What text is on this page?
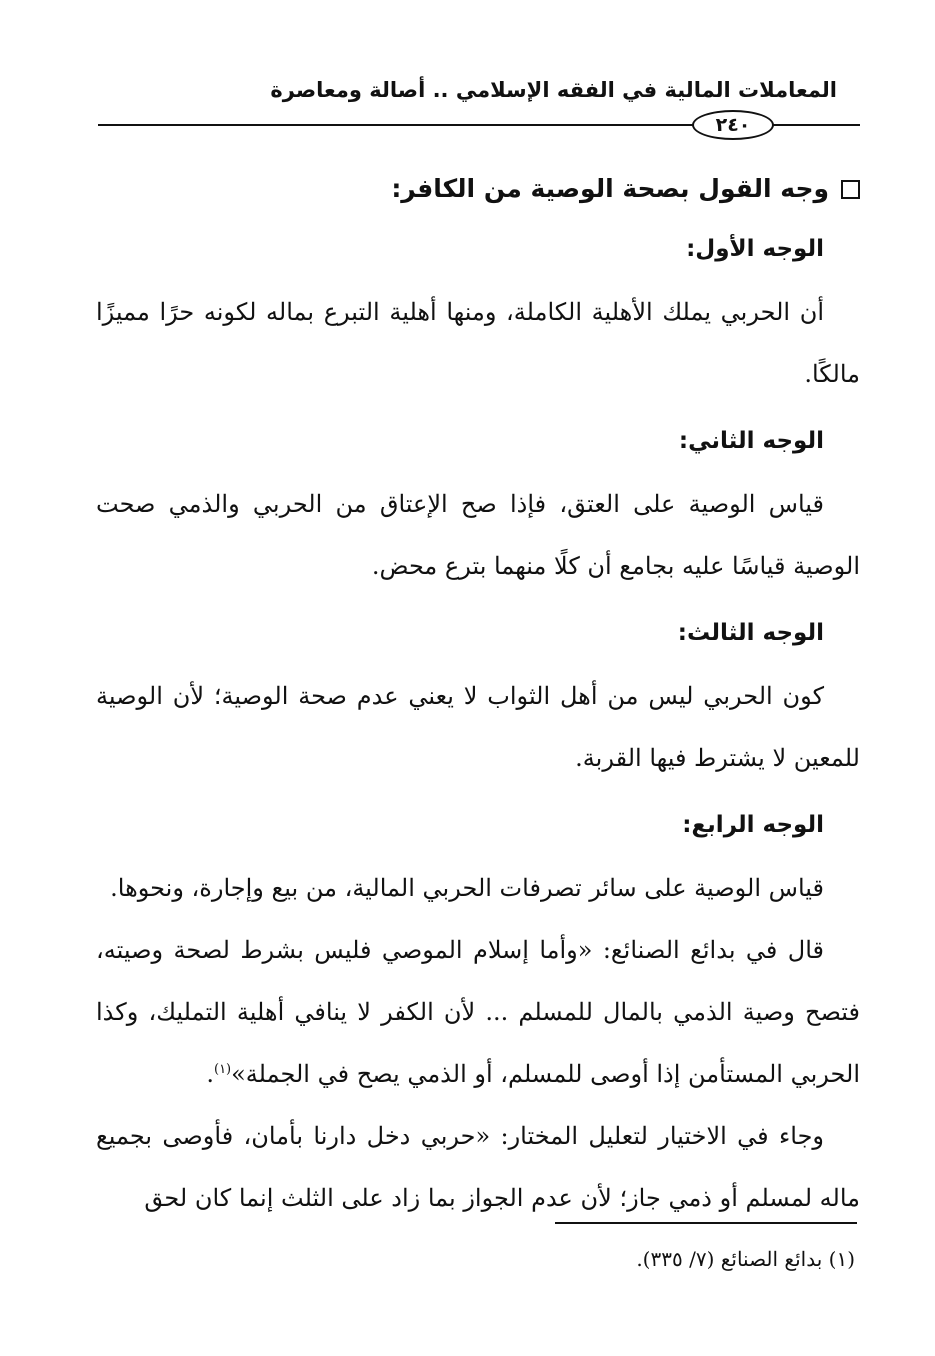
المعاملات المالية في الفقه الإسلامي .. أصالة ومعاصرة
٢٤٠
وجه القول بصحة الوصية من الكافر:
الوجه الأول:

أن الحربي يملك الأهلية الكاملة، ومنها أهلية التبرع بماله لكونه حرًا مميزًا مالكًا.

الوجه الثاني:

قياس الوصية على العتق، فإذا صح الإعتاق من الحربي والذمي صحت الوصية قياسًا عليه بجامع أن كلًا منهما بترع محض.

الوجه الثالث:

كون الحربي ليس من أهل الثواب لا يعني عدم صحة الوصية؛ لأن الوصية للمعين لا يشترط فيها القربة.

الوجه الرابع:

قياس الوصية على سائر تصرفات الحربي المالية، من بيع وإجارة، ونحوها.

قال في بدائع الصنائع: «وأما إسلام الموصي فليس بشرط لصحة وصيته، فتصح وصية الذمي بالمال للمسلم ... لأن الكفر لا ينافي أهلية التمليك، وكذا الحربي المستأمن إذا أوصى للمسلم، أو الذمي يصح في الجملة»$^{(١)}$.

وجاء في الاختيار لتعليل المختار: «حربي دخل دارنا بأمان، فأوصى بجميع ماله لمسلم أو ذمي جاز؛ لأن عدم الجواز بما زاد على الثلث إنما كان لحق

(١) بدائع الصنائع (٧/ ٣٣٥).
